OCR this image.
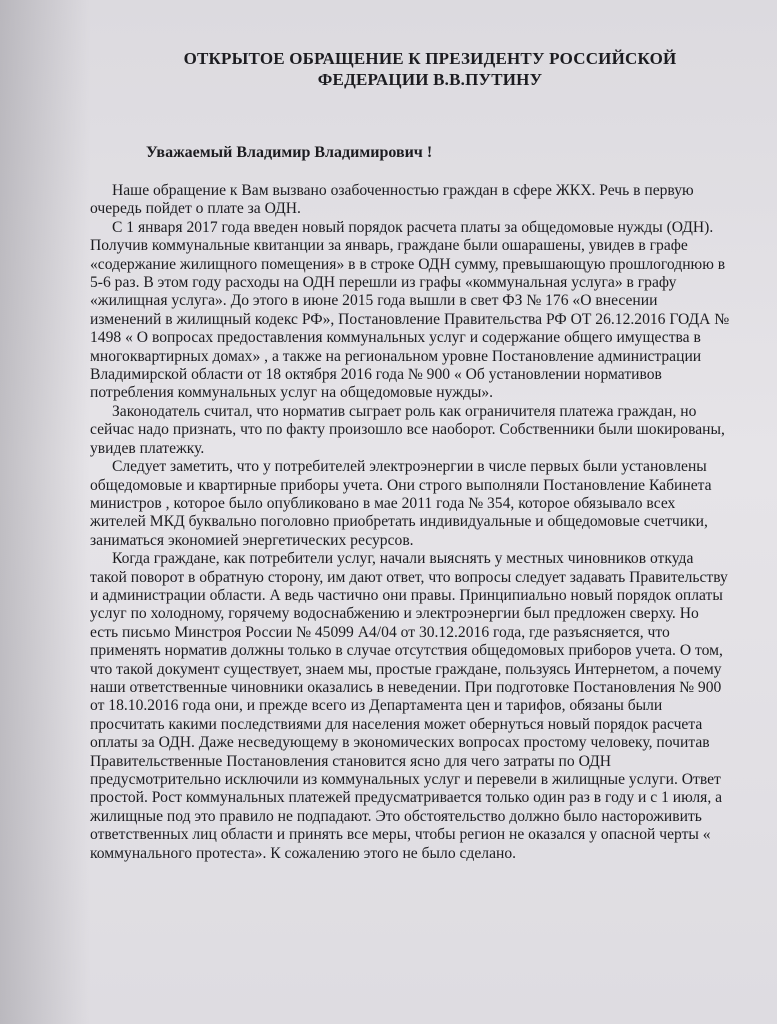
ОТКРЫТОЕ ОБРАЩЕНИЕ К ПРЕЗИДЕНТУ РОССИЙСКОЙ
ФЕДЕРАЦИИ В.В.ПУТИНУ
Уважаемый Владимир Владимирович !

Наше обращение к Вам вызвано озабоченностью граждан в сфере ЖКХ. Речь в первую очередь пойдет о плате за ОДН.

С 1 января 2017 года введен новый порядок расчета платы за общедомовые нужды (ОДН). Получив коммунальные квитанции за январь, граждане были ошарашены, увидев в графе «содержание жилищного помещения» в в строке ОДН сумму, превышающую прошлогоднюю в 5-6 раз. В этом году расходы на ОДН перешли из графы «коммунальная услуга» в графу «жилищная услуга». До этого в июне 2015 года вышли в свет ФЗ № 176 «О внесении изменений в жилищный кодекс РФ», Постановление Правительства РФ ОТ 26.12.2016 ГОДА № 1498 « О вопросах предоставления коммунальных услуг и содержание общего имущества в многоквартирных домах» , а также на региональном уровне Постановление администрации Владимирской области от 18 октября 2016 года № 900 « Об установлении нормативов потребления коммунальных услуг на общедомовые нужды».

Законодатель считал, что норматив сыграет роль как ограничителя платежа граждан, но сейчас надо признать, что по факту произошло все наоборот. Собственники были шокированы, увидев платежку.

Следует заметить, что у потребителей электроэнергии в числе первых были установлены общедомовые и квартирные приборы учета. Они строго выполняли Постановление Кабинета министров , которое было опубликовано в мае 2011 года № 354, которое обязывало всех жителей МКД буквально поголовно приобретать индивидуальные и общедомовые счетчики, заниматься экономией энергетических ресурсов.

Когда граждане, как потребители услуг, начали выяснять у местных чиновников откуда такой поворот в обратную сторону, им дают ответ, что вопросы следует задавать Правительству и администрации области. А ведь частично они правы. Принципиально новый порядок оплаты услуг по холодному, горячему водоснабжению и электроэнергии был предложен сверху. Но есть письмо Минстроя России № 45099 А4/04 от 30.12.2016 года, где разъясняется, что применять норматив должны только в случае отсутствия общедомовых приборов учета. О том, что такой документ существует, знаем мы, простые граждане, пользуясь Интернетом, а почему наши ответственные чиновники оказались в неведении. При подготовке Постановления № 900 от 18.10.2016 года они, и прежде всего из Департамента цен и тарифов, обязаны были просчитать какими последствиями для населения может обернуться новый порядок расчета оплаты за ОДН. Даже несведующему в экономических вопросах простому человеку, почитав Правительственные Постановления становится ясно для чего затраты по ОДН предусмотрительно исключили из коммунальных услуг и перевели в жилищные услуги. Ответ простой. Рост коммунальных платежей предусматривается только один раз в году и с 1 июля, а жилищные под это правило не подпадают. Это обстоятельство должно было настороживить ответственных лиц области и принять все меры, чтобы регион не оказался у опасной черты « коммунального протеста». К сожалению этого не было сделано.
